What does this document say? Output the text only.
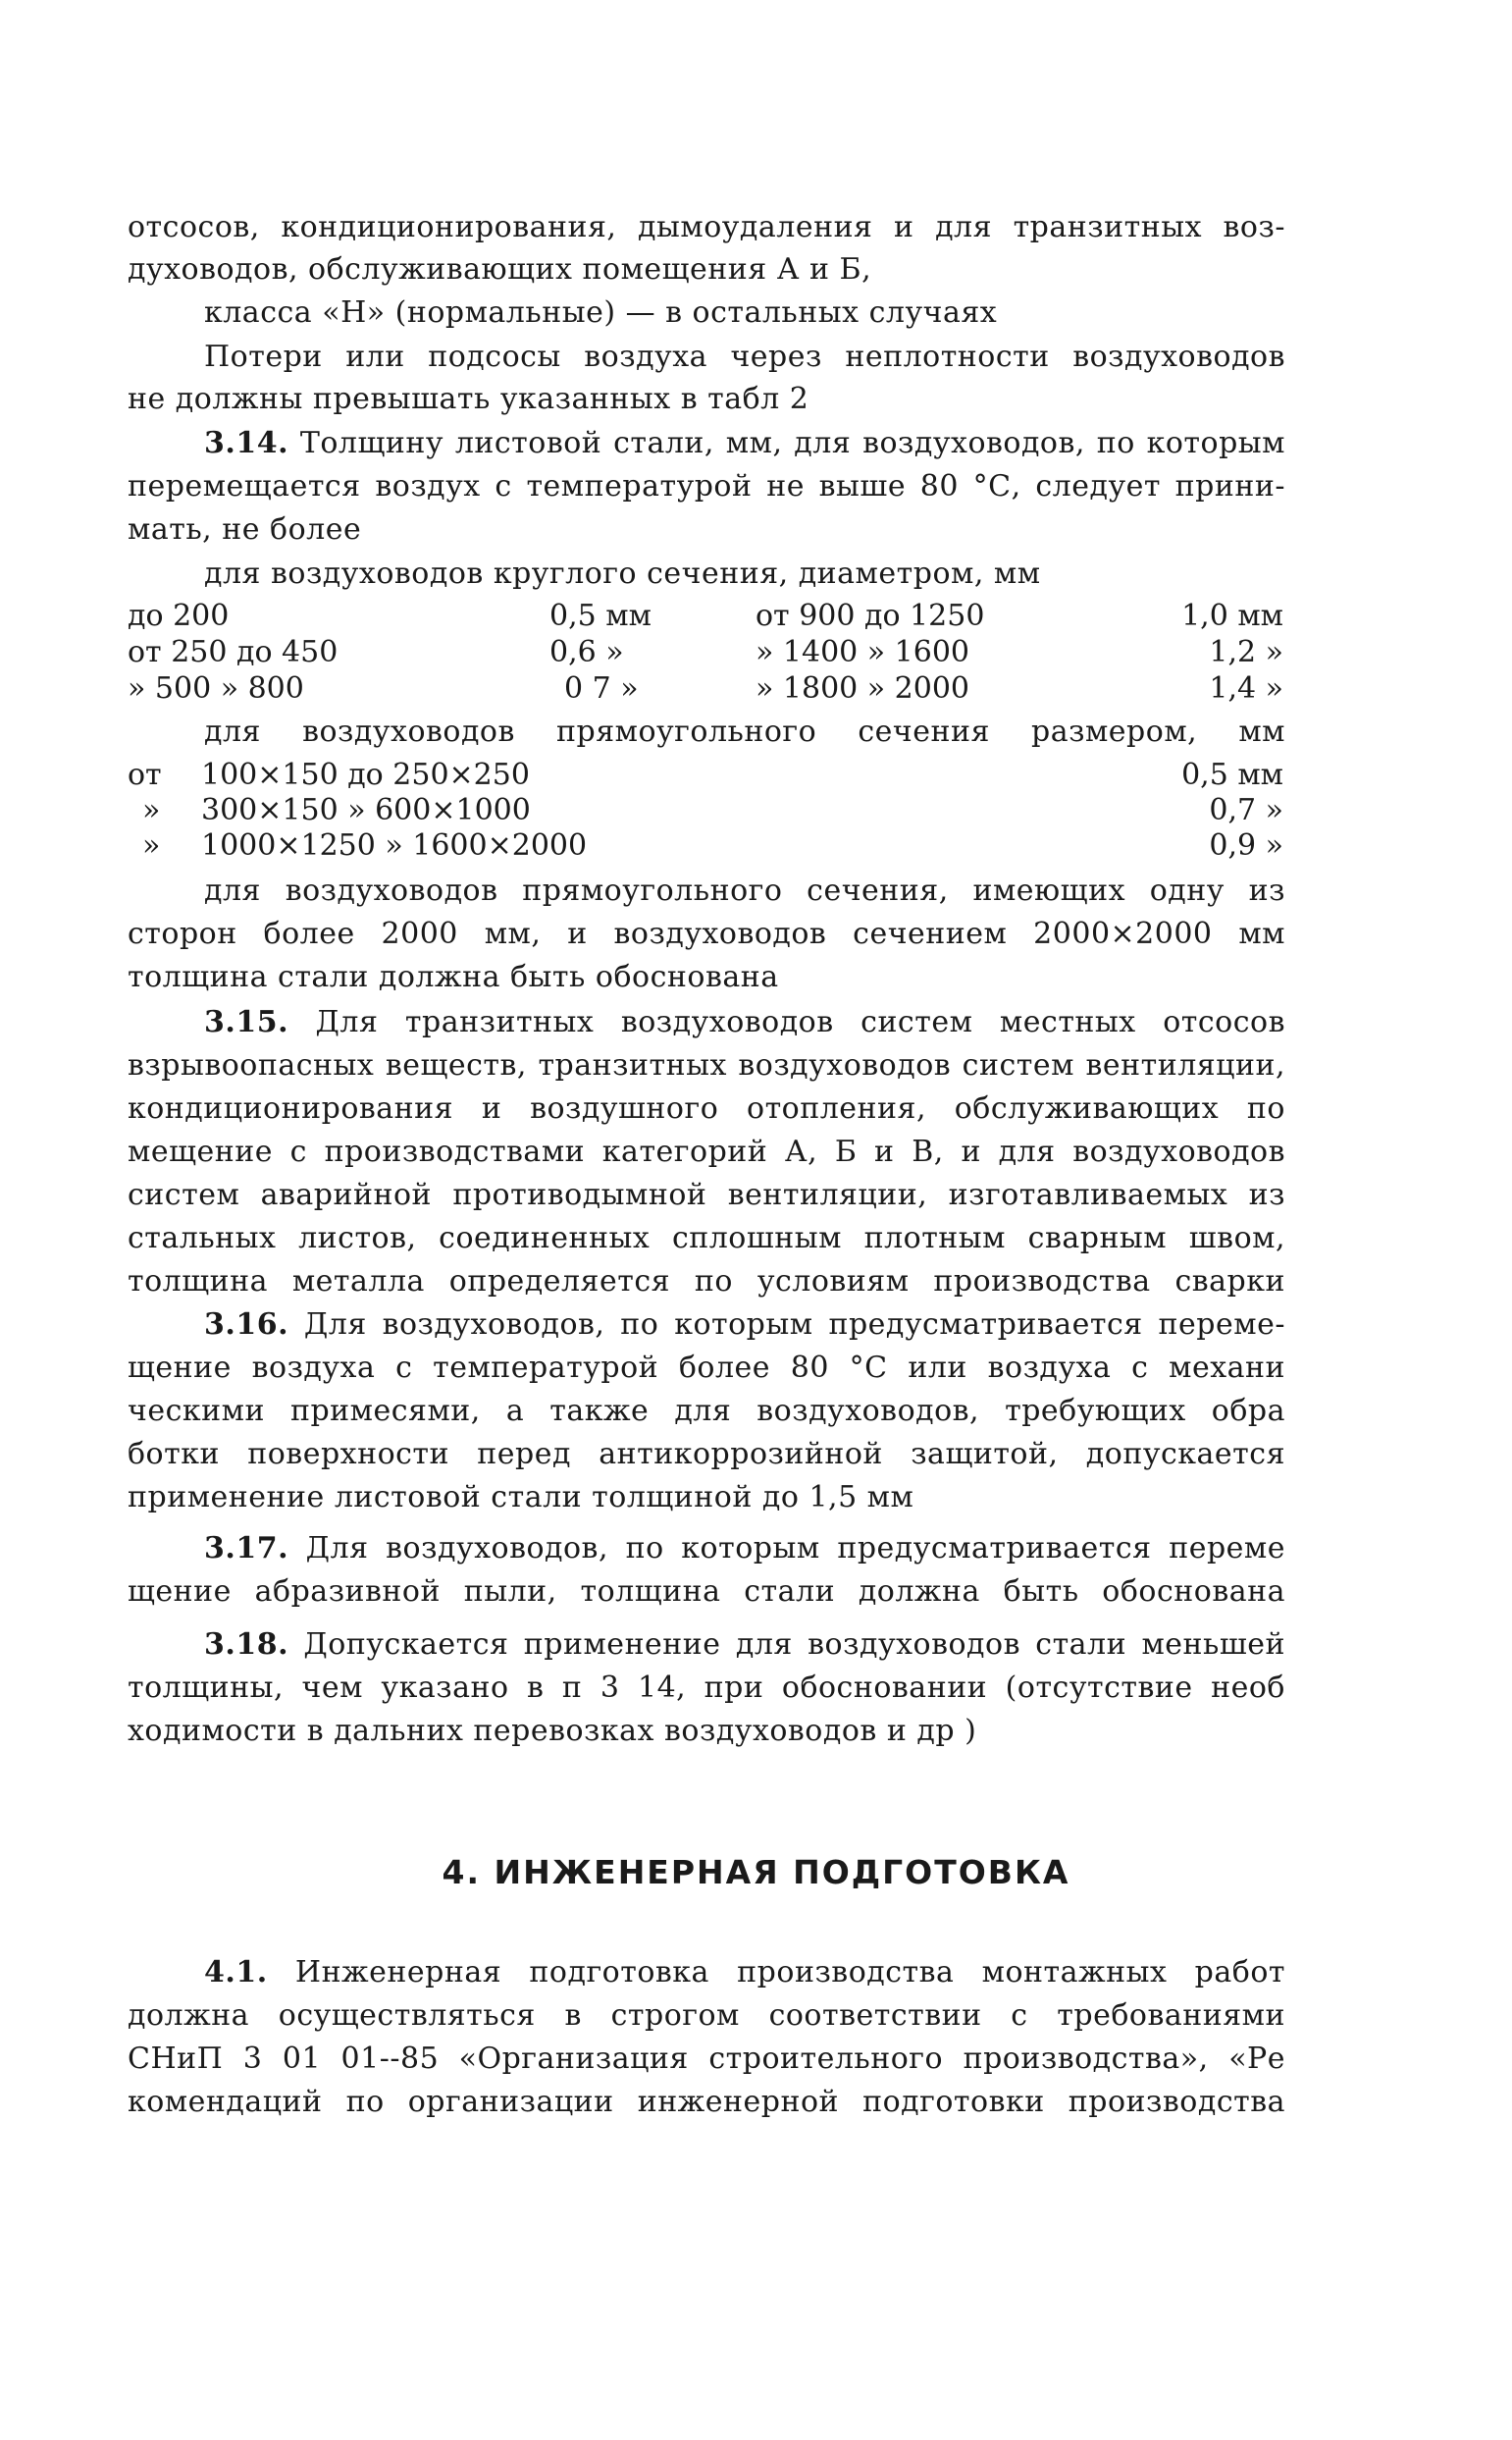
отсосов, кондиционирования, дымоудаления и для транзитных воз-
духоводов, обслуживающих помещения А и Б,
класса «Н» (нормальные) — в остальных случаях
Потери или подсосы воздуха через неплотности воздуховодов
не должны превышать указанных в табл 2
3.14. Толщину листовой стали, мм, для воздуховодов, по которым
перемещается воздух с температурой не выше 80 °С, следует прини-
мать, не более
для воздуховодов круглого сечения, диаметром, мм
до 200	0,5 мм	от 900 до 1250	1,0 мм
от 250 до 450	0,6 »	» 1400 » 1600	1,2 »
» 500 » 800	0 7 »	» 1800 » 2000	1,4 »
для воздуховодов прямоугольного сечения размером, мм
от 100×150 до 250×250	0,5 мм
» 300×150 » 600×1000	0,7 »
» 1000×1250 » 1600×2000	0,9 »
для воздуховодов прямоугольного сечения, имеющих одну из
сторон более 2000 мм, и воздуховодов сечением 2000×2000 мм
толщина стали должна быть обоснована
3.15. Для транзитных воздуховодов систем местных отсосов
взрывоопасных веществ, транзитных воздуховодов систем вентиляции,
кондиционирования и воздушного отопления, обслуживающих по
мещение с производствами категорий А, Б и В, и для воздуховодов
систем аварийной противодымной вентиляции, изготавливаемых из
стальных листов, соединенных сплошным плотным сварным швом,
толщина металла определяется по условиям производства сварки
3.16. Для воздуховодов, по которым предусматривается переме-
щение воздуха с температурой более 80 °С или воздуха с механи
ческими примесями, а также для воздуховодов, требующих обра
ботки поверхности перед антикоррозийной защитой, допускается
применение листовой стали толщиной до 1,5 мм
3.17. Для воздуховодов, по которым предусматривается переме
щение абразивной пыли, толщина стали должна быть обоснована
3.18. Допускается применение для воздуховодов стали меньшей
толщины, чем указано в п 3 14, при обосновании (отсутствие необ
ходимости в дальних перевозках воздуховодов и др )
4. ИНЖЕНЕРНАЯ ПОДГОТОВКА
4.1. Инженерная подготовка производства монтажных работ
должна осуществляться в строгом соответствии с требованиями
СНиП 3 01 01--85 «Организация строительного производства», «Ре
комендаций по организации инженерной подготовки производства
